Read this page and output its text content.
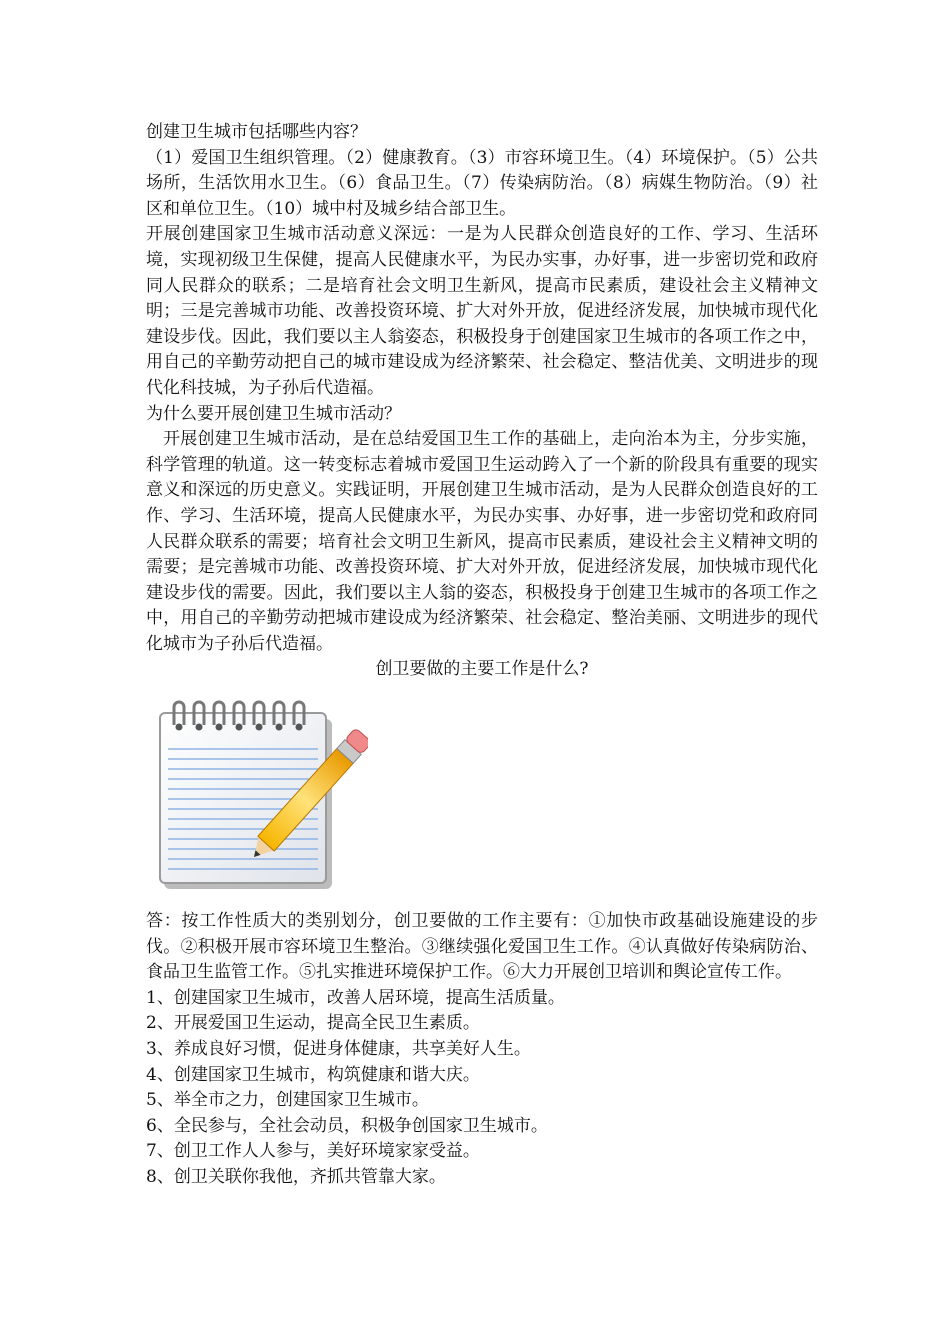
创建卫生城市包括哪些内容？

（1）爱国卫生组织管理。（2）健康教育。（3）市容环境卫生。（4）环境保护。（5）公共场所，生活饮用水卫生。（6）食品卫生。（7）传染病防治。（8）病媒生物防治。（9）社区和单位卫生。（10）城中村及城乡结合部卫生。

开展创建国家卫生城市活动意义深远：一是为人民群众创造良好的工作、学习、生活环境，实现初级卫生保健，提高人民健康水平，为民办实事，办好事，进一步密切党和政府同人民群众的联系；二是培育社会文明卫生新风，提高市民素质，建设社会主义精神文明；三是完善城市功能、改善投资环境、扩大对外开放，促进经济发展，加快城市现代化建设步伐。因此，我们要以主人翁姿态，积极投身于创建国家卫生城市的各项工作之中，用自己的辛勤劳动把自己的城市建设成为经济繁荣、社会稳定、整洁优美、文明进步的现代化科技城，为子孙后代造福。

为什么要开展创建卫生城市活动？

开展创建卫生城市活动，是在总结爱国卫生工作的基础上，走向治本为主，分步实施，科学管理的轨道。这一转变标志着城市爱国卫生运动跨入了一个新的阶段具有重要的现实意义和深远的历史意义。实践证明，开展创建卫生城市活动，是为人民群众创造良好的工作、学习、生活环境，提高人民健康水平，为民办实事、办好事，进一步密切党和政府同人民群众联系的需要；培育社会文明卫生新风，提高市民素质，建设社会主义精神文明的需要；是完善城市功能、改善投资环境、扩大对外开放，促进经济发展，加快城市现代化建设步伐的需要。因此，我们要以主人翁的姿态，积极投身于创建卫生城市的各项工作之中，用自己的辛勤劳动把城市建设成为经济繁荣、社会稳定、整治美丽、文明进步的现代化城市为子孙后代造福。

创卫要做的主要工作是什么?

答：按工作性质大的类别划分，创卫要做的工作主要有：①加快市政基础设施建设的步伐。②积极开展市容环境卫生整治。③继续强化爱国卫生工作。④认真做好传染病防治、食品卫生监管工作。⑤扎实推进环境保护工作。⑥大力开展创卫培训和舆论宣传工作。

1、创建国家卫生城市，改善人居环境，提高生活质量。
2、开展爱国卫生运动，提高全民卫生素质。
3、养成良好习惯，促进身体健康，共享美好人生。
4、创建国家卫生城市，构筑健康和谐大庆。
5、举全市之力，创建国家卫生城市。
6、全民参与，全社会动员，积极争创国家卫生城市。
7、创卫工作人人参与，美好环境家家受益。
8、创卫关联你我他，齐抓共管靠大家。
